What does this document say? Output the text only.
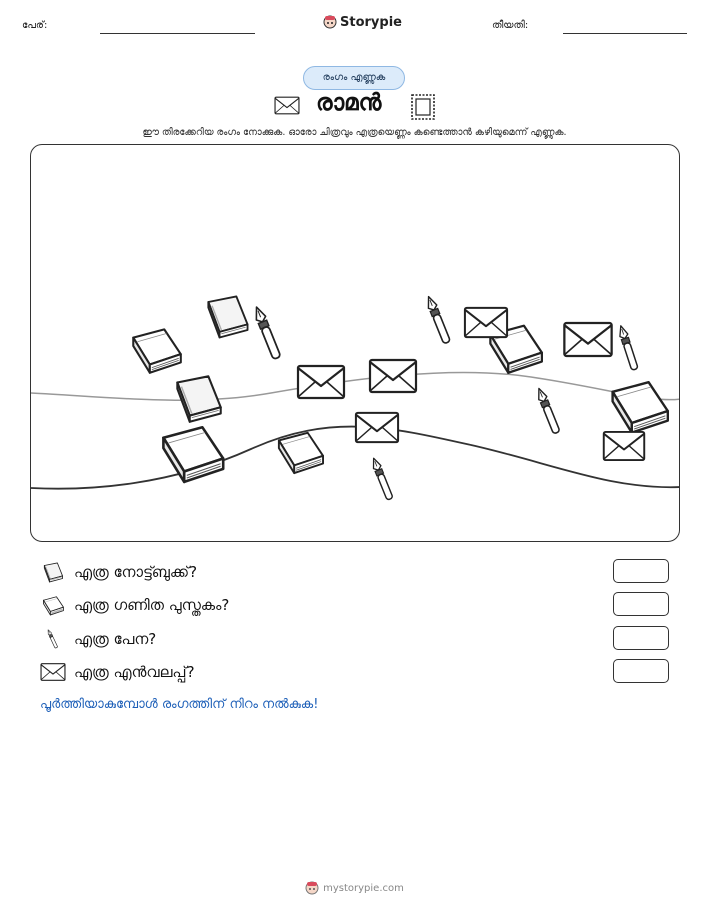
പേര്:	Storypie	തീയതി:
രംഗം എണ്ണുക
രാമൻ
ഈ തിരക്കേറിയ രംഗം നോക്കുക. ഓരോ ചിത്രവും എത്രയെണ്ണം കണ്ടെത്താൻ കഴിയുമെന്ന് എണ്ണുക.
എത്ര നോട്ട്ബുക്ക്?
എത്ര ഗണിത പുസ്തകം?
എത്ര പേന?
എത്ര എൻവലപ്പ്?
പൂർത്തിയാകുമ്പോൾ രംഗത്തിന് നിറം നൽകുക!
mystorypie.com
